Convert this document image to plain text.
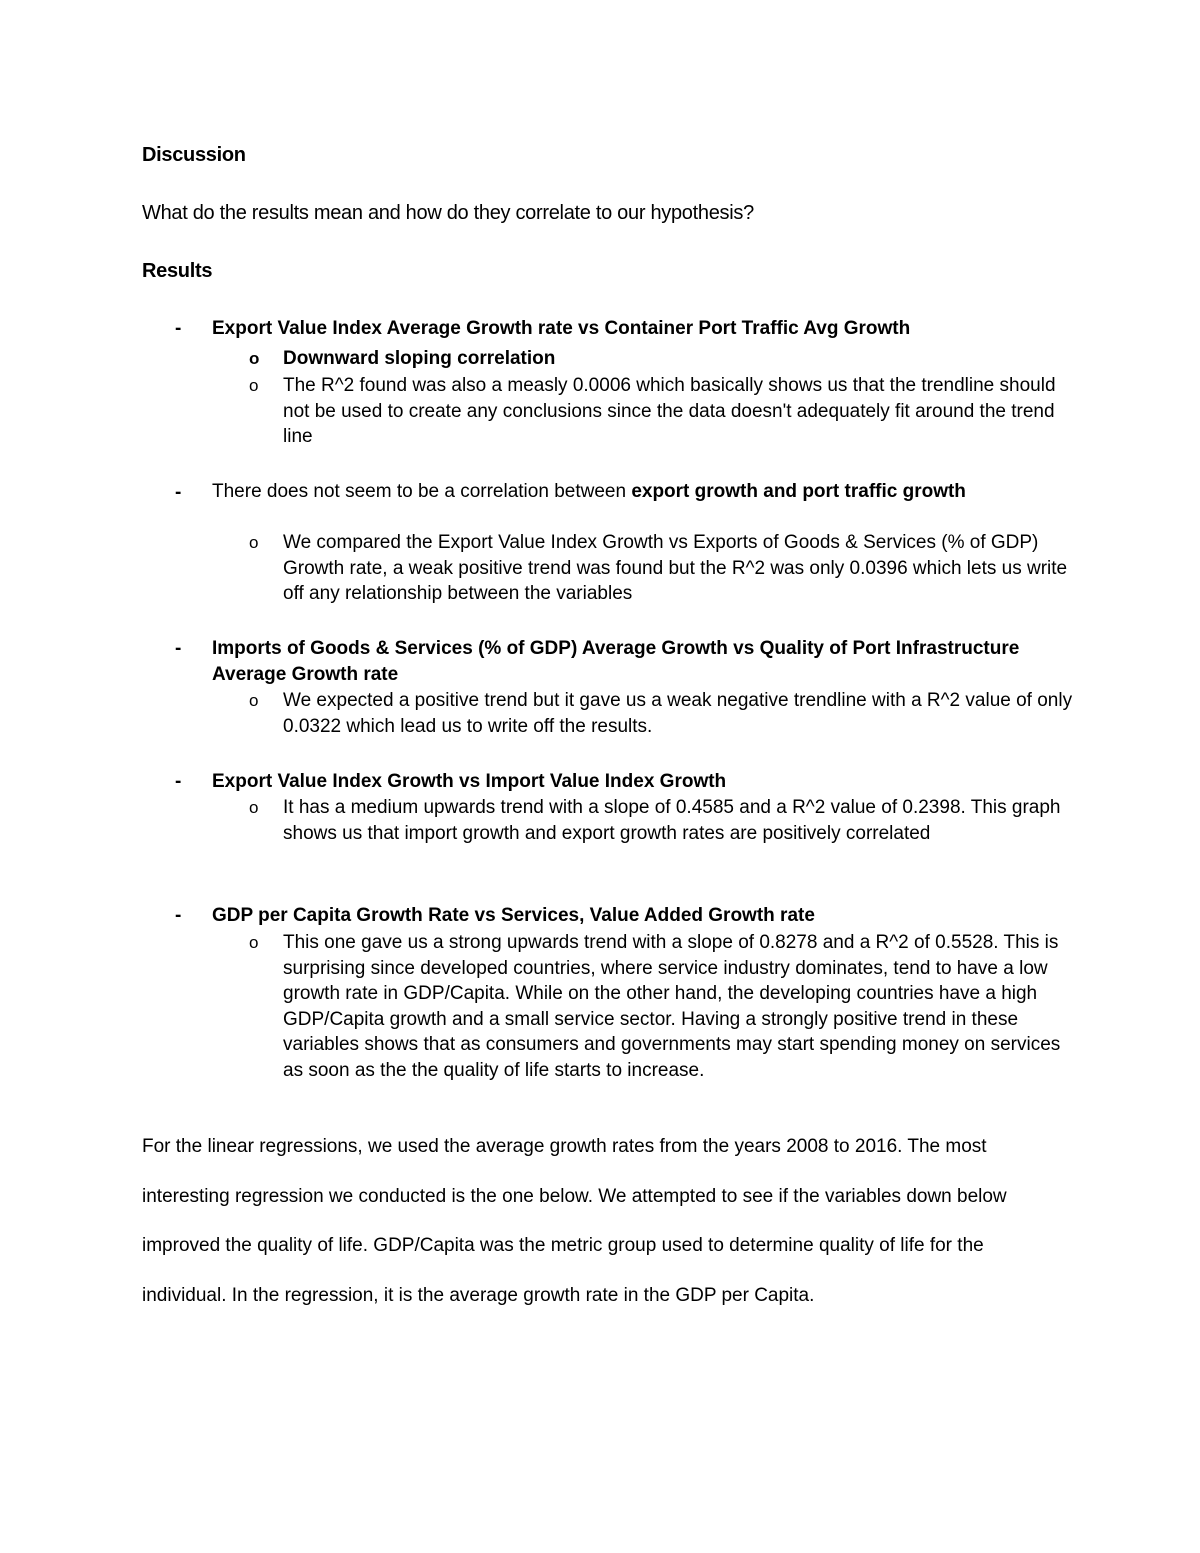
Discussion
What do the results mean and how do they correlate to our hypothesis?
Results
- Export Value Index Average Growth rate vs Container Port Traffic Avg Growth
o Downward sloping correlation
o The R^2 found was also a measly 0.0006 which basically shows us that the trendline should not be used to create any conclusions since the data doesn't adequately fit around the trend line
- There does not seem to be a correlation between export growth and port traffic growth
o We compared the Export Value Index Growth vs Exports of Goods & Services (% of GDP) Growth rate, a weak positive trend was found but the R^2 was only 0.0396 which lets us write off any relationship between the variables
- Imports of Goods & Services (% of GDP) Average Growth vs Quality of Port Infrastructure Average Growth rate
o We expected a positive trend but it gave us a weak negative trendline with a R^2 value of only 0.0322 which lead us to write off the results.
- Export Value Index Growth vs Import Value Index Growth
o It has a medium upwards trend with a slope of 0.4585 and a R^2 value of 0.2398. This graph shows us that import growth and export growth rates are positively correlated
- GDP per Capita Growth Rate vs Services, Value Added Growth rate
o This one gave us a strong upwards trend with a slope of 0.8278 and a R^2 of 0.5528. This is surprising since developed countries, where service industry dominates, tend to have a low growth rate in GDP/Capita. While on the other hand, the developing countries have a high GDP/Capita growth and a small service sector. Having a strongly positive trend in these variables shows that as consumers and governments may start spending money on services as soon as the the quality of life starts to increase.
For the linear regressions, we used the average growth rates from the years 2008 to 2016. The most interesting regression we conducted is the one below. We attempted to see if the variables down below improved the quality of life. GDP/Capita was the metric group used to determine quality of life for the individual. In the regression, it is the average growth rate in the GDP per Capita.
